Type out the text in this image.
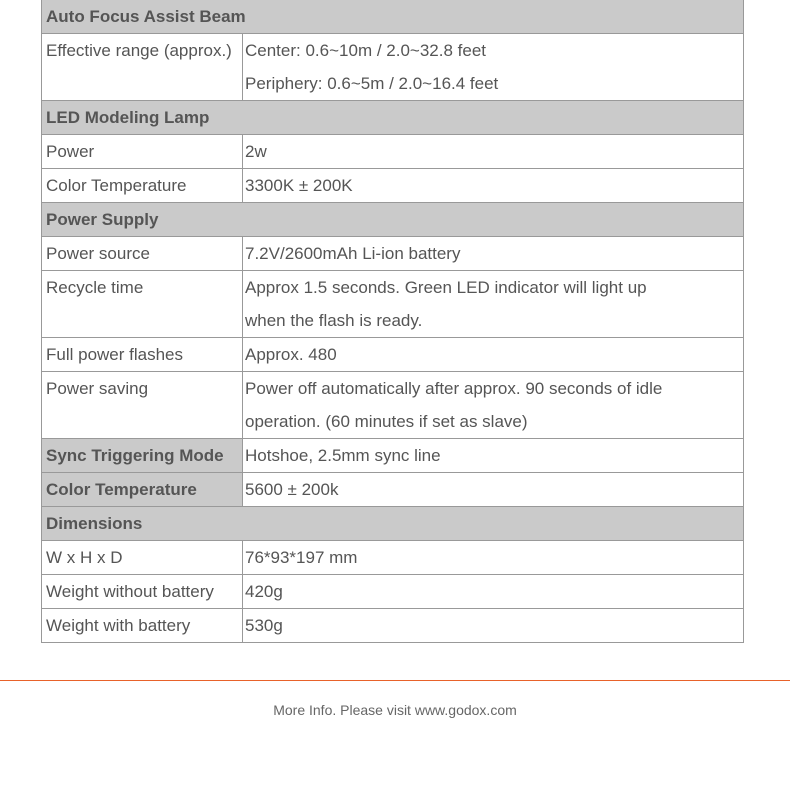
Auto Focus Assist Beam	
Effective range (approx.)	Center: 0.6~10m / 2.0~32.8 feet
Periphery: 0.6~5m / 2.0~16.4 feet

LED Modeling Lamp	
Power	2w
Color Temperature	3300K ± 200K
Power Supply	
Power source	7.2V/2600mAh Li-ion battery
Recycle time	Approx 1.5 seconds. Green LED indicator will light up
when the flash is ready.

Full power flashes	Approx. 480
Power saving	Power off automatically after approx. 90 seconds of idle
operation. (60 minutes if set as slave)

Sync Triggering Mode	Hotshoe, 2.5mm sync line
Color Temperature	5600 ± 200k
Dimensions	
W x H x D	76*93*197 mm
Weight without battery	420g
Weight with battery	530g
More Info. Please visit www.godox.com
